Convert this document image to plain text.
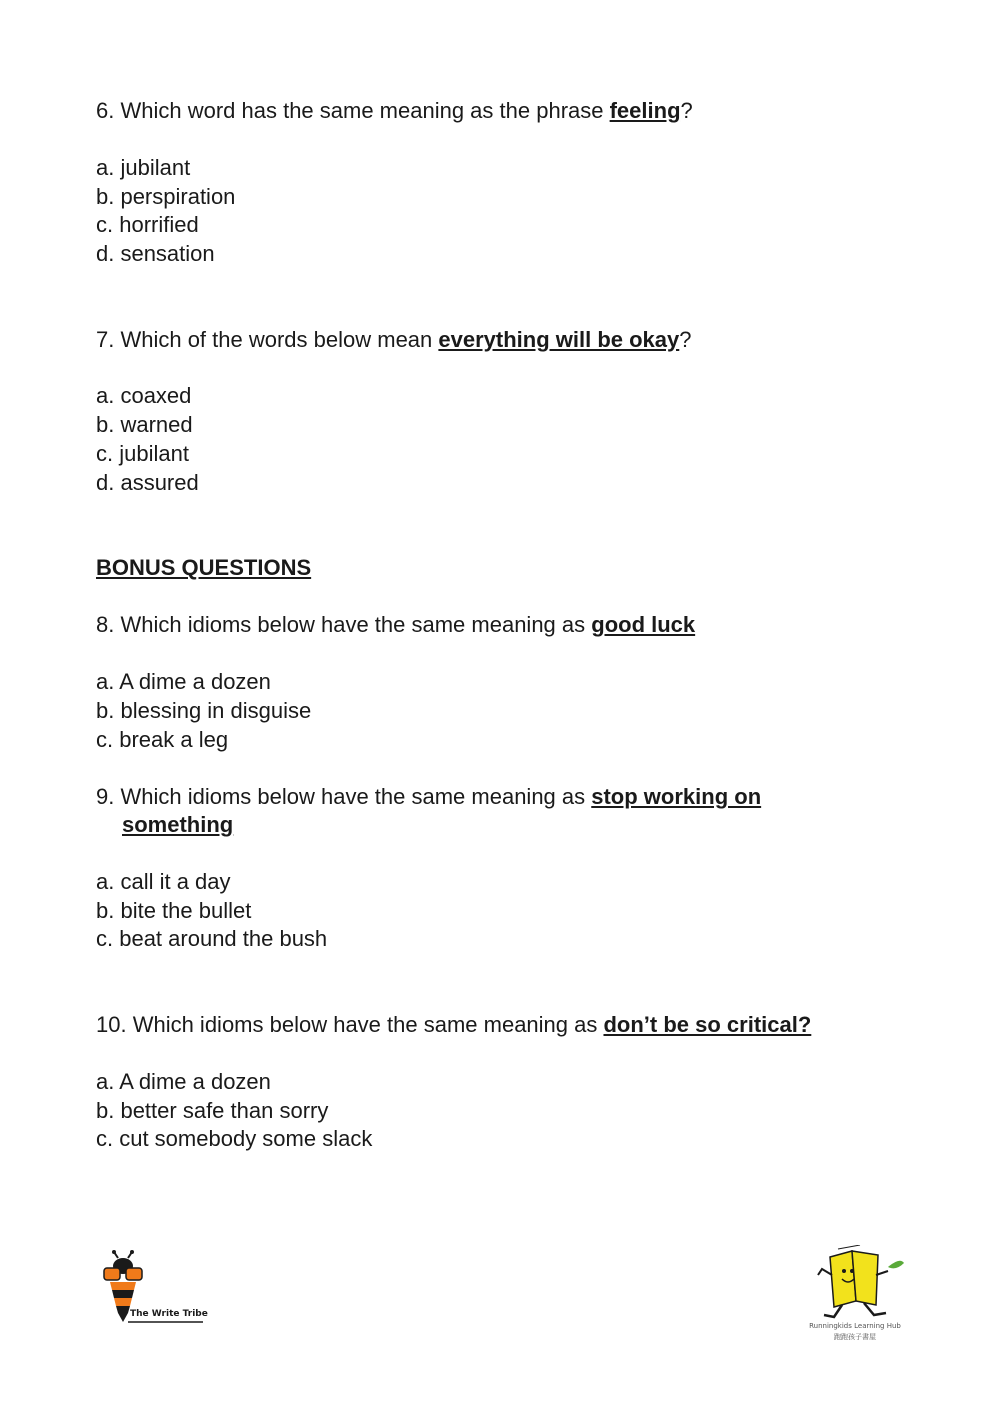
6. Which word has the same meaning as the phrase feeling?
a. jubilant
b. perspiration
c. horrified
d. sensation
7. Which of the words below mean everything will be okay?
a. coaxed
b. warned
c. jubilant
d. assured
BONUS QUESTIONS
8. Which idioms below have the same meaning as good luck
a. A dime a dozen
b. blessing in disguise
c. break a leg
9. Which idioms below have the same meaning as stop working on
something
a. call it a day
b. bite the bullet
c. beat around the bush
10. Which idioms below have the same meaning as don’t be so critical?
a. A dime a dozen
b. better safe than sorry
c. cut somebody some slack
The Write Tribe
Runningkids Learning Hub
跑跑孩子書屋
